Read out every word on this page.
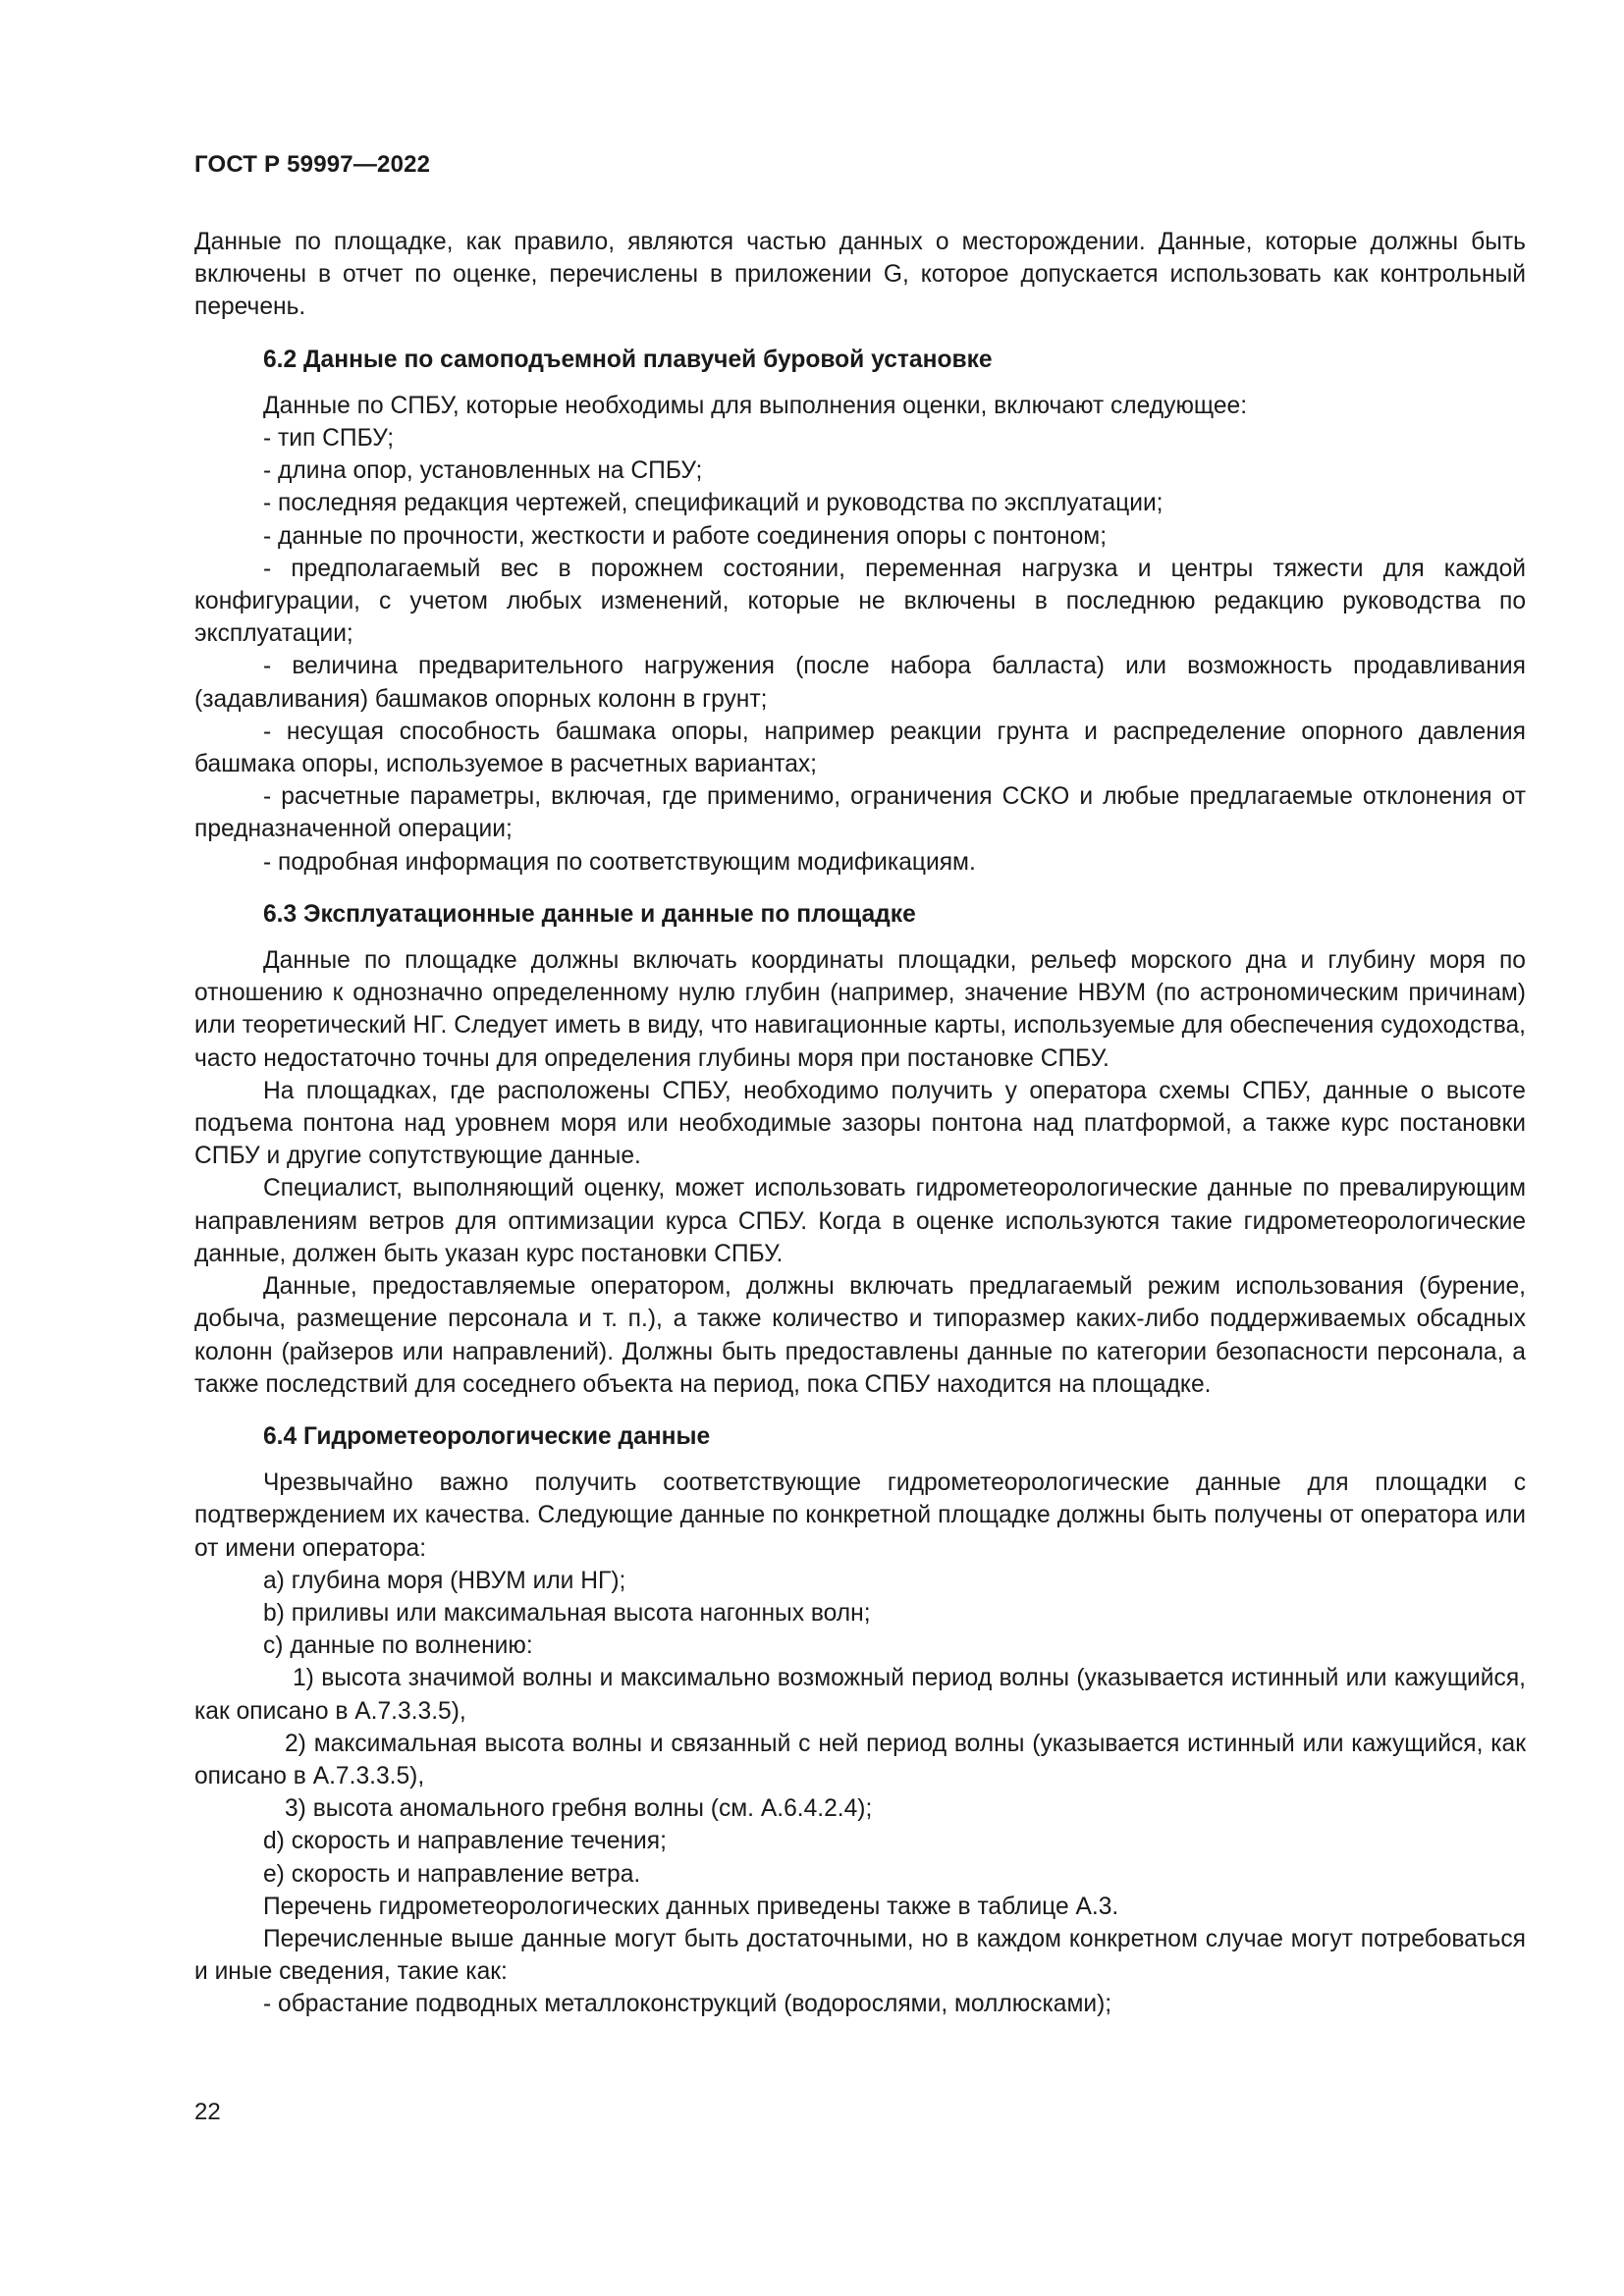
ГОСТ Р 59997—2022

Данные по площадке, как правило, являются частью данных о месторождении. Данные, которые должны быть включены в отчет по оценке, перечислены в приложении G, которое допускается использовать как контрольный перечень.

6.2 Данные по самоподъемной плавучей буровой установке

Данные по СПБУ, которые необходимы для выполнения оценки, включают следующее:

- тип СПБУ;

- длина опор, установленных на СПБУ;

- последняя редакция чертежей, спецификаций и руководства по эксплуатации;

- данные по прочности, жесткости и работе соединения опоры с понтоном;

- предполагаемый вес в порожнем состоянии, переменная нагрузка и центры тяжести для каждой конфигурации, с учетом любых изменений, которые не включены в последнюю редакцию руководства по эксплуатации;

- величина предварительного нагружения (после набора балласта) или возможность продавливания (задавливания) башмаков опорных колонн в грунт;

- несущая способность башмака опоры, например реакции грунта и распределение опорного давления башмака опоры, используемое в расчетных вариантах;

- расчетные параметры, включая, где применимо, ограничения ССКО и любые предлагаемые отклонения от предназначенной операции;

- подробная информация по соответствующим модификациям.

6.3 Эксплуатационные данные и данные по площадке

Данные по площадке должны включать координаты площадки, рельеф морского дна и глубину моря по отношению к однозначно определенному нулю глубин (например, значение НВУМ (по астрономическим причинам) или теоретический НГ. Следует иметь в виду, что навигационные карты, используемые для обеспечения судоходства, часто недостаточно точны для определения глубины моря при постановке СПБУ.

На площадках, где расположены СПБУ, необходимо получить у оператора схемы СПБУ, данные о высоте подъема понтона над уровнем моря или необходимые зазоры понтона над платформой, а также курс постановки СПБУ и другие сопутствующие данные.

Специалист, выполняющий оценку, может использовать гидрометеорологические данные по превалирующим направлениям ветров для оптимизации курса СПБУ. Когда в оценке используются такие гидрометеорологические данные, должен быть указан курс постановки СПБУ.

Данные, предоставляемые оператором, должны включать предлагаемый режим использования (бурение, добыча, размещение персонала и т. п.), а также количество и типоразмер каких-либо поддерживаемых обсадных колонн (райзеров или направлений). Должны быть предоставлены данные по категории безопасности персонала, а также последствий для соседнего объекта на период, пока СПБУ находится на площадке.

6.4 Гидрометеорологические данные

Чрезвычайно важно получить соответствующие гидрометеорологические данные для площадки с подтверждением их качества. Следующие данные по конкретной площадке должны быть получены от оператора или от имени оператора:

a) глубина моря (НВУМ или НГ);

b) приливы или максимальная высота нагонных волн;

с) данные по волнению:

1) высота значимой волны и максимально возможный период волны (указывается истинный или кажущийся, как описано в А.7.3.3.5),

2) максимальная высота волны и связанный с ней период волны (указывается истинный или кажущийся, как описано в А.7.3.3.5),

3) высота аномального гребня волны (см. А.6.4.2.4);

d) скорость и направление течения;

е) скорость и направление ветра.

Перечень гидрометеорологических данных приведены также в таблице А.3.

Перечисленные выше данные могут быть достаточными, но в каждом конкретном случае могут потребоваться и иные сведения, такие как:

- обрастание подводных металлоконструкций (водорослями, моллюсками);

22
